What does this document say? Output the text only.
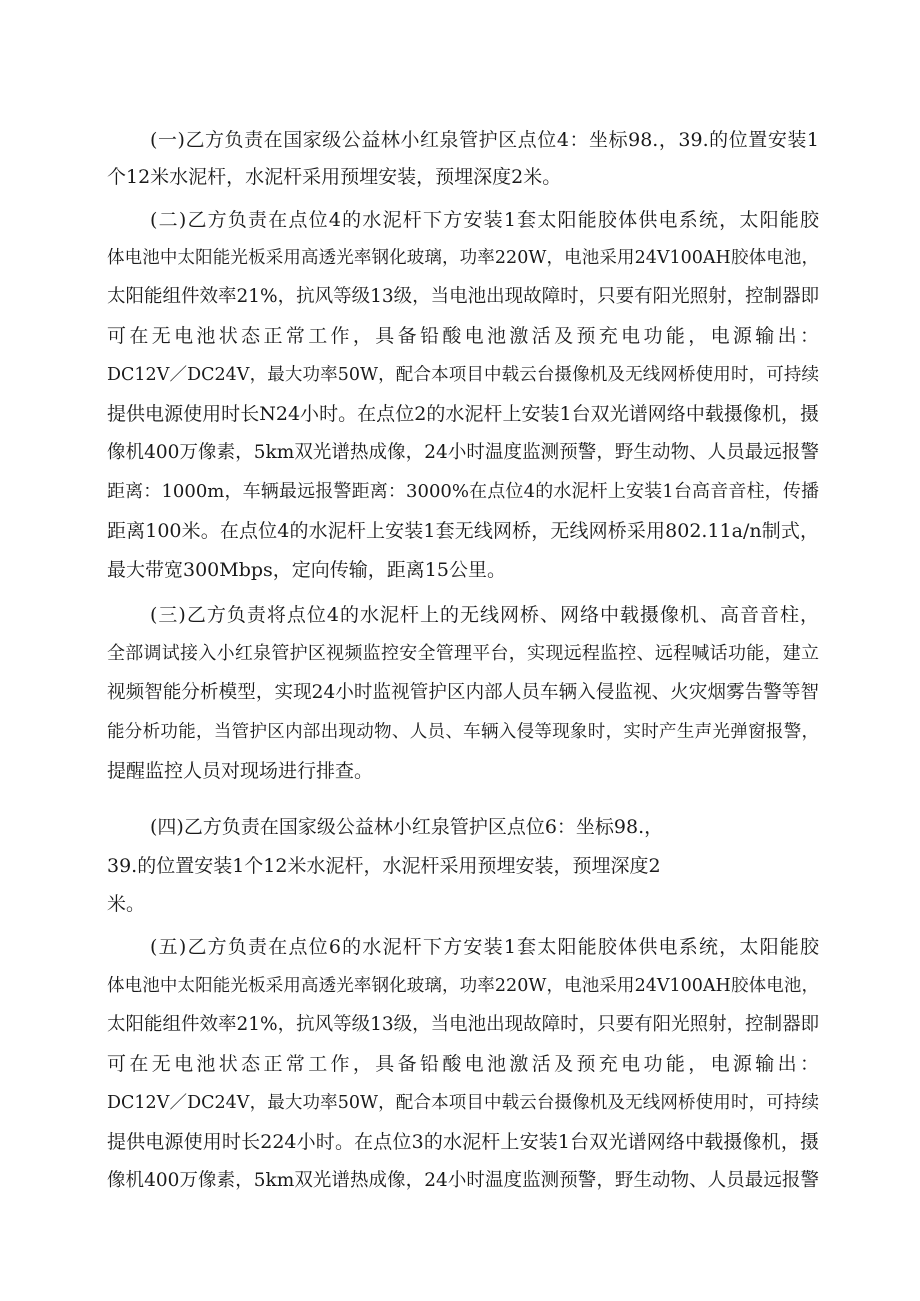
(一)乙方负责在国家级公益林小红泉管护区点位4：坐标98.，39.的位置安装1
个12米水泥杆，水泥杆采用预埋安装，预埋深度2米。
(二)乙方负责在点位4的水泥杆下方安装1套太阳能胶体供电系统，太阳能胶
体电池中太阳能光板采用高透光率钢化玻璃，功率220W，电池采用24V100AH胶体电池，
太阳能组件效率21%，抗风等级13级，当电池出现故障时，只要有阳光照射，控制器即
可在无电池状态正常工作，具备铅酸电池激活及预充电功能，电源输出：
DC12V／DC24V，最大功率50W，配合本项目中载云台摄像机及无线网桥使用时，可持续
提供电源使用时长N24小时。在点位2的水泥杆上安装1台双光谱网络中载摄像机，摄
像机400万像素，5km双光谱热成像，24小时温度监测预警，野生动物、人员最远报警
距离：1000m，车辆最远报警距离：3000%在点位4的水泥杆上安装1台高音音柱，传播
距离100米。在点位4的水泥杆上安装1套无线网桥，无线网桥采用802.11a/n制式，
最大带宽300Mbps，定向传输，距离15公里。
(三)乙方负责将点位4的水泥杆上的无线网桥、网络中载摄像机、高音音柱，
全部调试接入小红泉管护区视频监控安全管理平台，实现远程监控、远程喊话功能，建立
视频智能分析模型，实现24小时监视管护区内部人员车辆入侵监视、火灾烟雾告警等智
能分析功能，当管护区内部出现动物、人员、车辆入侵等现象时，实时产生声光弹窗报警，
提醒监控人员对现场进行排查。
(四)乙方负责在国家级公益林小红泉管护区点位6：坐标98.，
39.的位置安装1个12米水泥杆，水泥杆采用预埋安装，预埋深度2
米。
(五)乙方负责在点位6的水泥杆下方安装1套太阳能胶体供电系统，太阳能胶
体电池中太阳能光板采用高透光率钢化玻璃，功率220W，电池采用24V100AH胶体电池，
太阳能组件效率21%，抗风等级13级，当电池出现故障时，只要有阳光照射，控制器即
可在无电池状态正常工作，具备铅酸电池激活及预充电功能，电源输出：
DC12V／DC24V，最大功率50W，配合本项目中载云台摄像机及无线网桥使用时，可持续
提供电源使用时长224小时。在点位3的水泥杆上安装1台双光谱网络中载摄像机，摄
像机400万像素，5km双光谱热成像，24小时温度监测预警，野生动物、人员最远报警
